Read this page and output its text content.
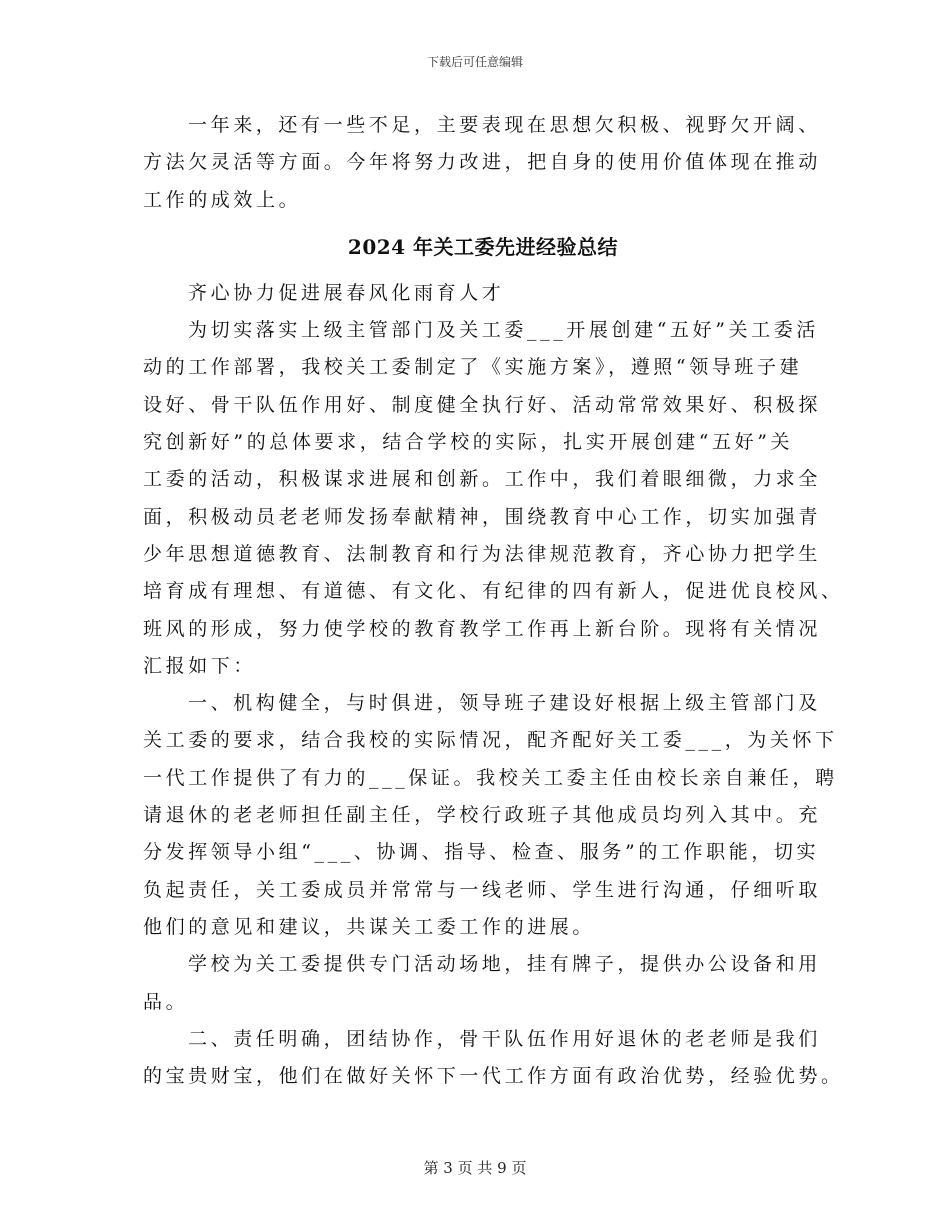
下载后可任意编辑
一年来，还有一些不足，主要表现在思想欠积极、视野欠开阔、
方法欠灵活等方面。今年将努力改进，把自身的使用价值体现在推动
工作的成效上。
2024 年关工委先进经验总结
齐心协力促进展春风化雨育人才
为切实落实上级主管部门及关工委___开展创建“五好”关工委活
动的工作部署，我校关工委制定了《实施方案》，遵照“领导班子建
设好、骨干队伍作用好、制度健全执行好、活动常常效果好、积极探
究创新好”的总体要求，结合学校的实际，扎实开展创建“五好”关
工委的活动，积极谋求进展和创新。工作中，我们着眼细微，力求全
面，积极动员老老师发扬奉献精神，围绕教育中心工作，切实加强青
少年思想道德教育、法制教育和行为法律规范教育，齐心协力把学生
培育成有理想、有道德、有文化、有纪律的四有新人，促进优良校风、
班风的形成，努力使学校的教育教学工作再上新台阶。现将有关情况
汇报如下：
一、机构健全，与时俱进，领导班子建设好根据上级主管部门及
关工委的要求，结合我校的实际情况，配齐配好关工委___，为关怀下
一代工作提供了有力的___保证。我校关工委主任由校长亲自兼任，聘
请退休的老老师担任副主任，学校行政班子其他成员均列入其中。充
分发挥领导小组“___、协调、指导、检查、服务”的工作职能，切实
负起责任，关工委成员并常常与一线老师、学生进行沟通，仔细听取
他们的意见和建议，共谋关工委工作的进展。
学校为关工委提供专门活动场地，挂有牌子，提供办公设备和用
品。
二、责任明确，团结协作，骨干队伍作用好退休的老老师是我们
的宝贵财宝，他们在做好关怀下一代工作方面有政治优势，经验优势。
第 3 页 共 9 页
